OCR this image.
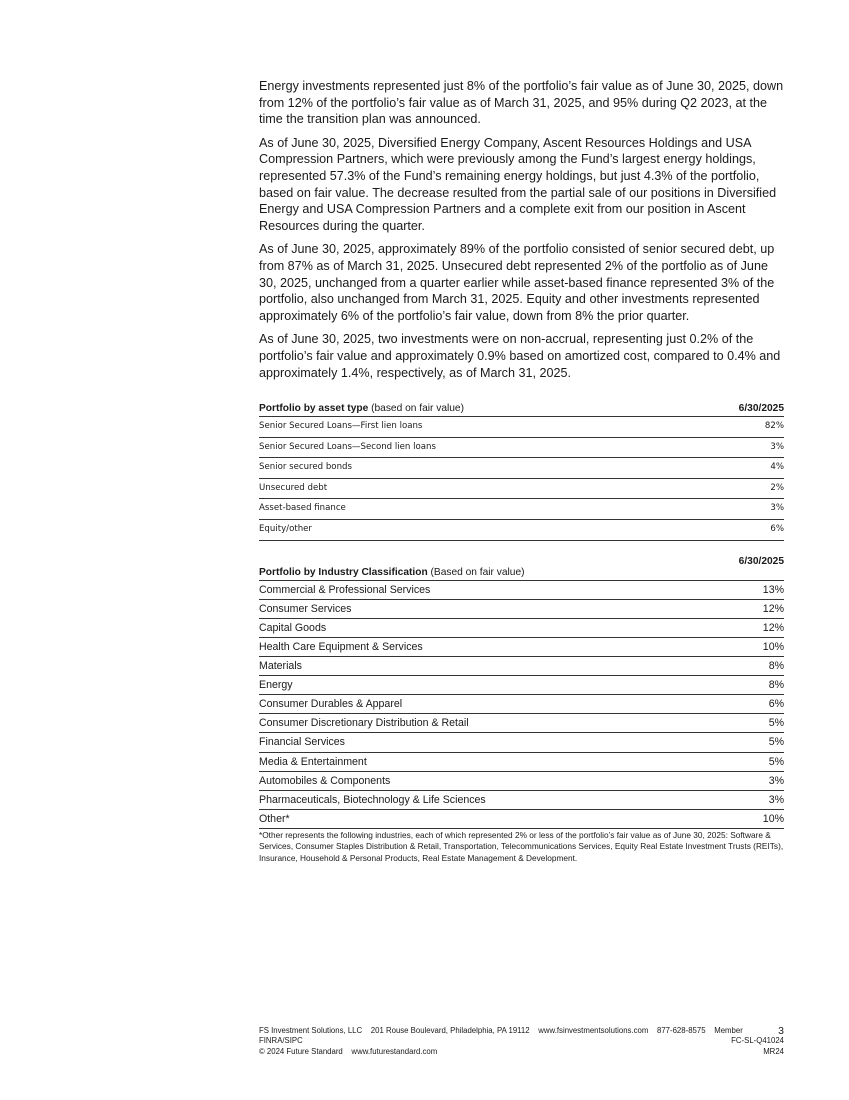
Energy investments represented just 8% of the portfolio’s fair value as of June 30, 2025, down from 12% of the portfolio’s fair value as of March 31, 2025, and 95% during Q2 2023, at the time the transition plan was announced.

As of June 30, 2025, Diversified Energy Company, Ascent Resources Holdings and USA Compression Partners, which were previously among the Fund’s largest energy holdings, represented 57.3% of the Fund’s remaining energy holdings, but just 4.3% of the portfolio, based on fair value. The decrease resulted from the partial sale of our positions in Diversified Energy and USA Compression Partners and a complete exit from our position in Ascent Resources during the quarter.

As of June 30, 2025, approximately 89% of the portfolio consisted of senior secured debt, up from 87% as of March 31, 2025. Unsecured debt represented 2% of the portfolio as of June 30, 2025, unchanged from a quarter earlier while asset-based finance represented 3% of the portfolio, also unchanged from March 31, 2025. Equity and other investments represented approximately 6% of the portfolio’s fair value, down from 8% the prior quarter.

As of June 30, 2025, two investments were on non-accrual, representing just 0.2% of the portfolio’s fair value and approximately 0.9% based on amortized cost, compared to 0.4% and approximately 1.4%, respectively, as of March 31, 2025.

Portfolio by asset type (based on fair value)	6/30/2025
Senior Secured Loans—First lien loans	82%
Senior Secured Loans—Second lien loans	3%
Senior secured bonds	4%
Unsecured debt	2%
Asset-based finance	3%
Equity/other	6%
Portfolio by Industry Classification (Based on fair value)
6/30/2025
Commercial & Professional Services	13%
Consumer Services	12%
Capital Goods	12%
Health Care Equipment & Services	10%
Materials	8%
Energy	8%
Consumer Durables & Apparel	6%
Consumer Discretionary Distribution & Retail	5%
Financial Services	5%
Media & Entertainment	5%
Automobiles & Components	3%
Pharmaceuticals, Biotechnology & Life Sciences	3%
Other*	10%
*Other represents the following industries, each of which represented 2% or less of the portfolio’s fair value as of June 30, 2025: Software & Services, Consumer Staples Distribution & Retail, Transportation, Telecommunications Services, Equity Real Estate Investment Trusts (REITs), Insurance, Household & Personal Products, Real Estate Management & Development.
FS Investment Solutions, LLC    201 Rouse Boulevard, Philadelphia, PA 19112    www.fsinvestmentsolutions.com    877-628-8575    Member	3
FINRA/SIPC	FC-SL-Q41024
© 2024 Future Standard    www.futurestandard.com	MR24
